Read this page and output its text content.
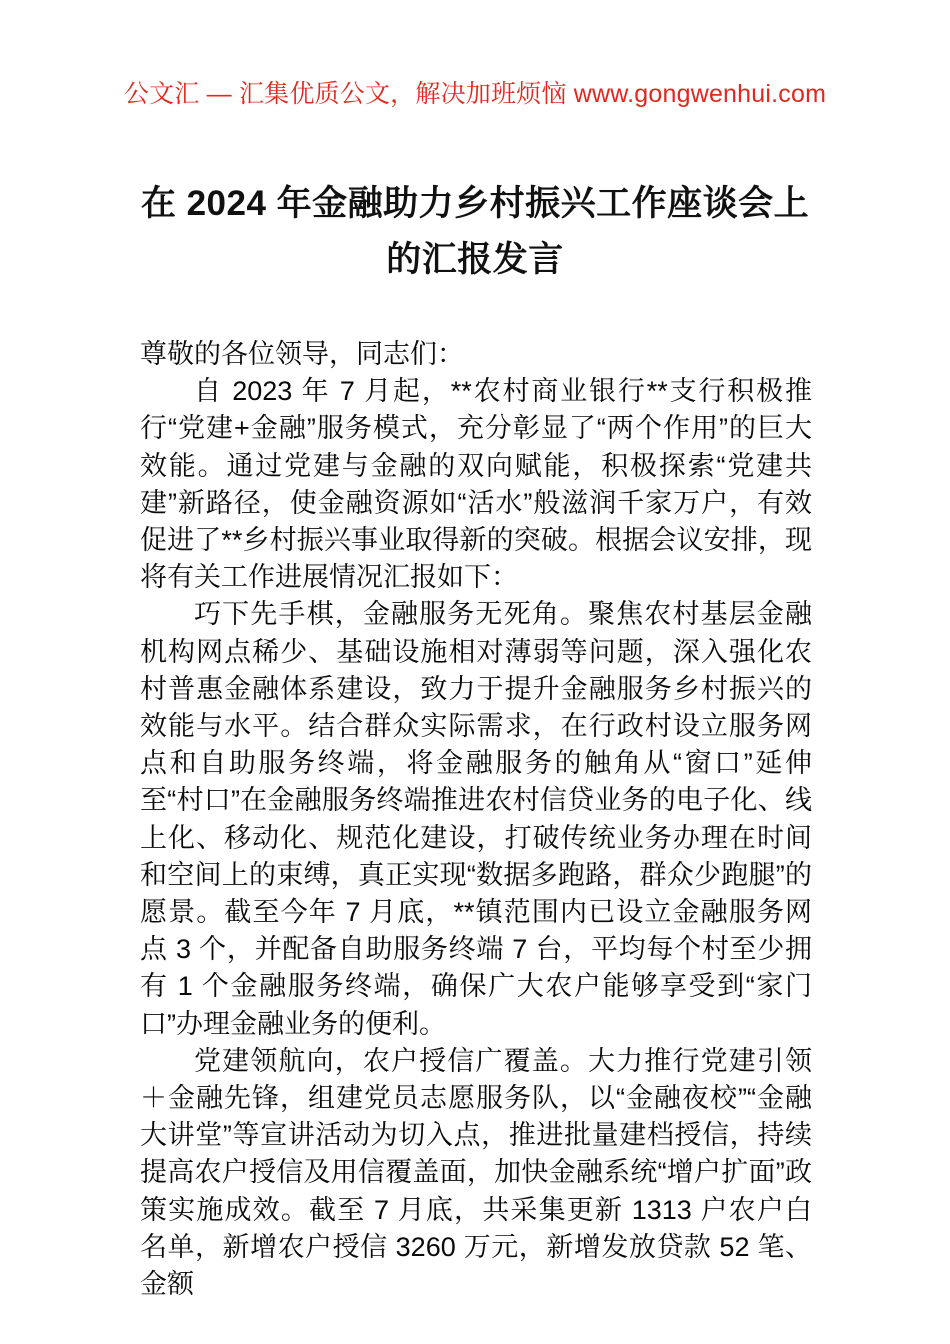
公文汇 — 汇集优质公文，解决加班烦恼 www.gongwenhui.com
在 2024 年金融助力乡村振兴工作座谈会上
的汇报发言

尊敬的各位领导，同志们：

自 2023 年 7 月起，**农村商业银行**支行积极推行“党建+金融”服务模式，充分彰显了“两个作用”的巨大效能。通过党建与金融的双向赋能，积极探索“党建共建”新路径，使金融资源如“活水”般滋润千家万户，有效促进了**乡村振兴事业取得新的突破。根据会议安排，现将有关工作进展情况汇报如下：

巧下先手棋，金融服务无死角。聚焦农村基层金融机构网点稀少、基础设施相对薄弱等问题，深入强化农村普惠金融体系建设，致力于提升金融服务乡村振兴的效能与水平。结合群众实际需求，在行政村设立服务网点和自助服务终端，将金融服务的触角从“窗口”延伸至“村口”在金融服务终端推进农村信贷业务的电子化、线上化、移动化、规范化建设，打破传统业务办理在时间和空间上的束缚，真正实现“数据多跑路，群众少跑腿”的愿景。截至今年 7 月底，**镇范围内已设立金融服务网点 3 个，并配备自助服务终端 7 台，平均每个村至少拥有 1 个金融服务终端，确保广大农户能够享受到“家门口”办理金融业务的便利。

党建领航向，农户授信广覆盖。大力推行党建引领＋金融先锋，组建党员志愿服务队，以“金融夜校”“金融大讲堂”等宣讲活动为切入点，推进批量建档授信，持续提高农户授信及用信覆盖面，加快金融系统“增户扩面”政策实施成效。截至 7 月底，共采集更新 1313 户农户白名单，新增农户授信 3260 万元，新增发放贷款 52 笔、金额
